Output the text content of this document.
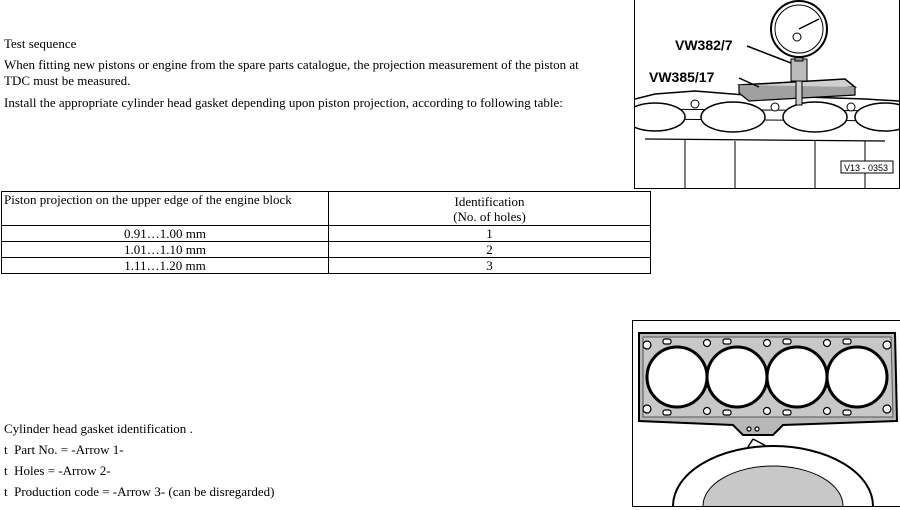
Test sequence
When fitting new pistons or engine from the spare parts catalogue, the projection measurement of the piston at TDC must be measured.
Install the appropriate cylinder head gasket depending upon piston projection, according to following table:
VW382/7
VW385/17
V13 - 0353
Piston projection on the upper edge of the engine block	Identification
(No. of holes)
0.91…1.00 mm	1
1.01…1.10 mm	2
1.11…1.20 mm	3
Cylinder head gasket identification .
t Part No. = -Arrow 1-
t Holes = -Arrow 2-
t Production code = -Arrow 3- (can be disregarded)
